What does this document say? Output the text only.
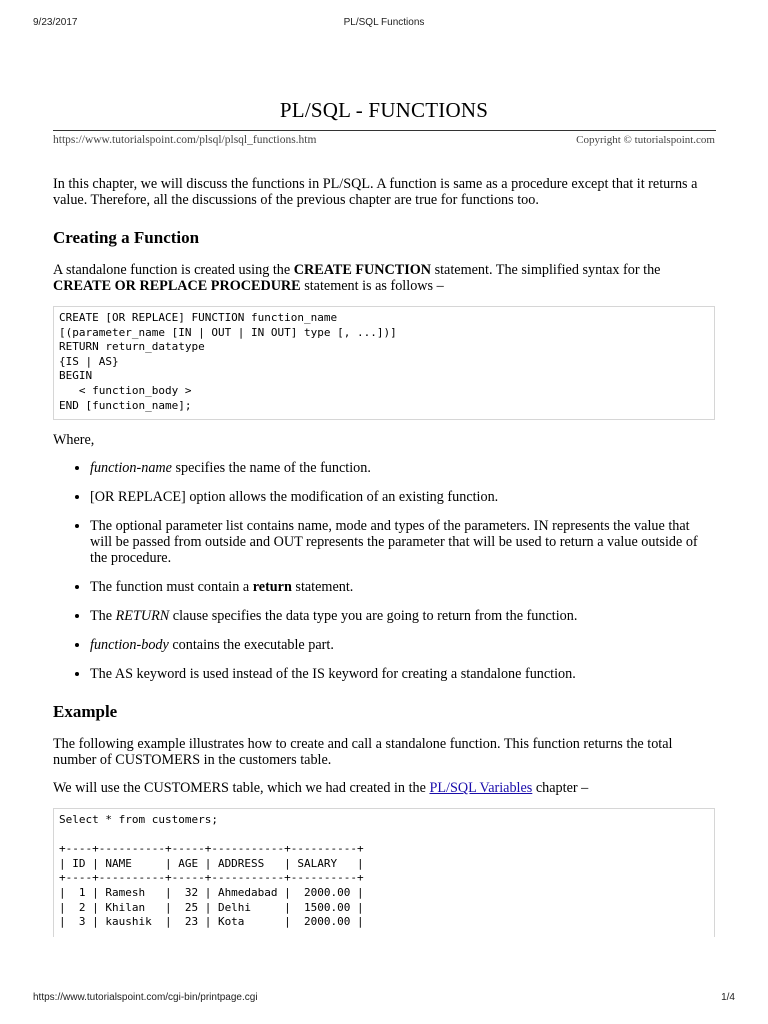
9/23/2017	PL/SQL Functions
PL/SQL - FUNCTIONS
https://www.tutorialspoint.com/plsql/plsql_functions.htm	Copyright © tutorialspoint.com

In this chapter, we will discuss the functions in PL/SQL. A function is same as a procedure except that it returns a value. Therefore, all the discussions of the previous chapter are true for functions too.

Creating a Function

A standalone function is created using the CREATE FUNCTION statement. The simplified syntax for the CREATE OR REPLACE PROCEDURE statement is as follows –

CREATE [OR REPLACE] FUNCTION function_name
[(parameter_name [IN | OUT | IN OUT] type [, ...])]
RETURN return_datatype
{IS | AS}
BEGIN
< function_body >
END [function_name];

Where,

• function-name specifies the name of the function.
• [OR REPLACE] option allows the modification of an existing function.
• The optional parameter list contains name, mode and types of the parameters. IN represents the value that will be passed from outside and OUT represents the parameter that will be used to return a value outside of the procedure.
• The function must contain a return statement.
• The RETURN clause specifies the data type you are going to return from the function.
• function-body contains the executable part.
• The AS keyword is used instead of the IS keyword for creating a standalone function.
Example

The following example illustrates how to create and call a standalone function. This function returns the total number of CUSTOMERS in the customers table.

We will use the CUSTOMERS table, which we had created in the PL/SQL Variables chapter –

Select * from customers;

+----+----------+-----+-----------+----------+
| ID | NAME     | AGE | ADDRESS   | SALARY   |
+----+----------+-----+-----------+----------+
|  1 | Ramesh   |  32 | Ahmedabad |  2000.00 |
|  2 | Khilan   |  25 | Delhi     |  1500.00 |
|  3 | kaushik  |  23 | Kota      |  2000.00 |
https://www.tutorialspoint.com/cgi-bin/printpage.cgi	1/4
